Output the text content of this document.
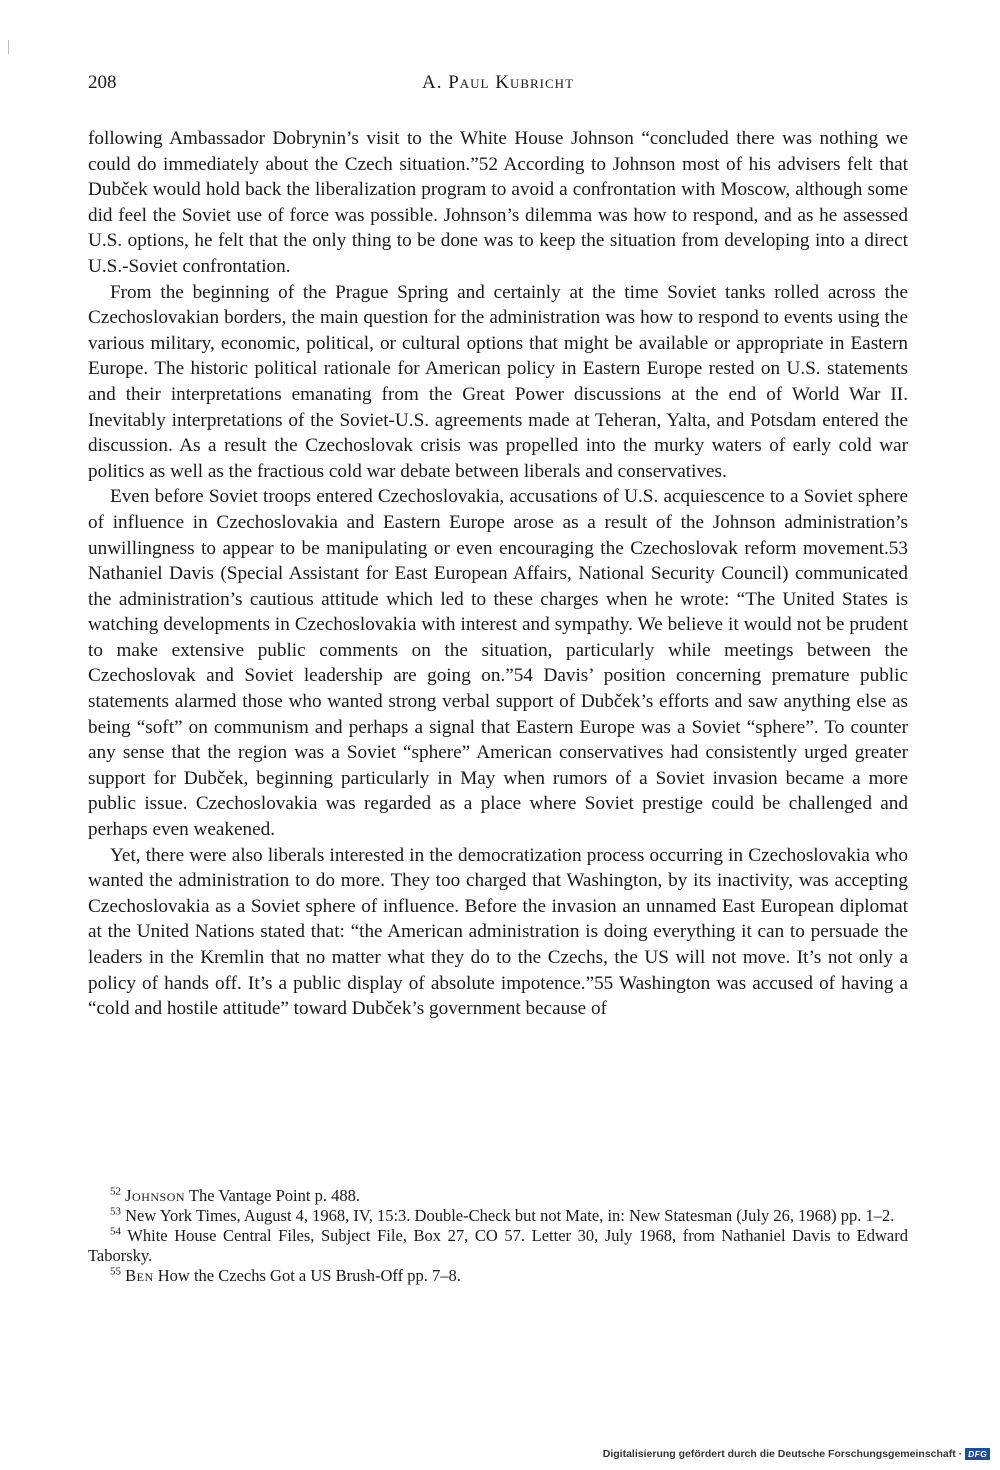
208	A. Paul Kubricht

following Ambassador Dobrynin’s visit to the White House Johnson “concluded there was nothing we could do immediately about the Czech situation.”52 According to Johnson most of his advisers felt that Dubček would hold back the liberalization program to avoid a confrontation with Moscow, although some did feel the Soviet use of force was possible. Johnson’s dilemma was how to respond, and as he assessed U.S. options, he felt that the only thing to be done was to keep the situation from developing into a direct U.S.-Soviet confrontation.

From the beginning of the Prague Spring and certainly at the time Soviet tanks rolled across the Czechoslovakian borders, the main question for the administration was how to respond to events using the various military, economic, political, or cultural options that might be available or appropriate in Eastern Europe. The historic political rationale for American policy in Eastern Europe rested on U.S. statements and their interpretations emanating from the Great Power discussions at the end of World War II. Inevitably interpretations of the Soviet-U.S. agreements made at Teheran, Yalta, and Potsdam entered the discussion. As a result the Czechoslovak crisis was propelled into the murky waters of early cold war politics as well as the fractious cold war debate between liberals and conservatives.

Even before Soviet troops entered Czechoslovakia, accusations of U.S. acquiescence to a Soviet sphere of influence in Czechoslovakia and Eastern Europe arose as a result of the Johnson administration’s unwillingness to appear to be manipulating or even encouraging the Czechoslovak reform movement.53 Nathaniel Davis (Special Assistant for East European Affairs, National Security Council) communicated the administration’s cautious attitude which led to these charges when he wrote: “The United States is watching developments in Czechoslovakia with interest and sympathy. We believe it would not be prudent to make extensive public comments on the situation, particularly while meetings between the Czechoslovak and Soviet leadership are going on.”54 Davis’ position concerning premature public statements alarmed those who wanted strong verbal support of Dubček’s efforts and saw anything else as being “soft” on communism and perhaps a signal that Eastern Europe was a Soviet “sphere”. To counter any sense that the region was a Soviet “sphere” American conservatives had consistently urged greater support for Dubček, beginning particularly in May when rumors of a Soviet invasion became a more public issue. Czechoslovakia was regarded as a place where Soviet prestige could be challenged and perhaps even weakened.

Yet, there were also liberals interested in the democratization process occurring in Czechoslovakia who wanted the administration to do more. They too charged that Washington, by its inactivity, was accepting Czechoslovakia as a Soviet sphere of influence. Before the invasion an unnamed East European diplomat at the United Nations stated that: “the American administration is doing everything it can to persuade the leaders in the Kremlin that no matter what they do to the Czechs, the US will not move. It’s not only a policy of hands off. It’s a public display of absolute impotence.”55 Washington was accused of having a “cold and hostile attitude” toward Dubček’s government because of

$^{52}$ Johnson The Vantage Point p. 488.

$^{53}$ New York Times, August 4, 1968, IV, 15:3. Double-Check but not Mate, in: New Statesman (July 26, 1968) pp. 1–2.

$^{54}$ White House Central Files, Subject File, Box 27, CO 57. Letter 30, July 1968, from Nathaniel Davis to Edward Taborsky.

$^{55}$ Ben How the Czechs Got a US Brush-Off pp. 7–8.

Digitalisierung gefördert durch die Deutsche Forschungsgemeinschaft · DFG
